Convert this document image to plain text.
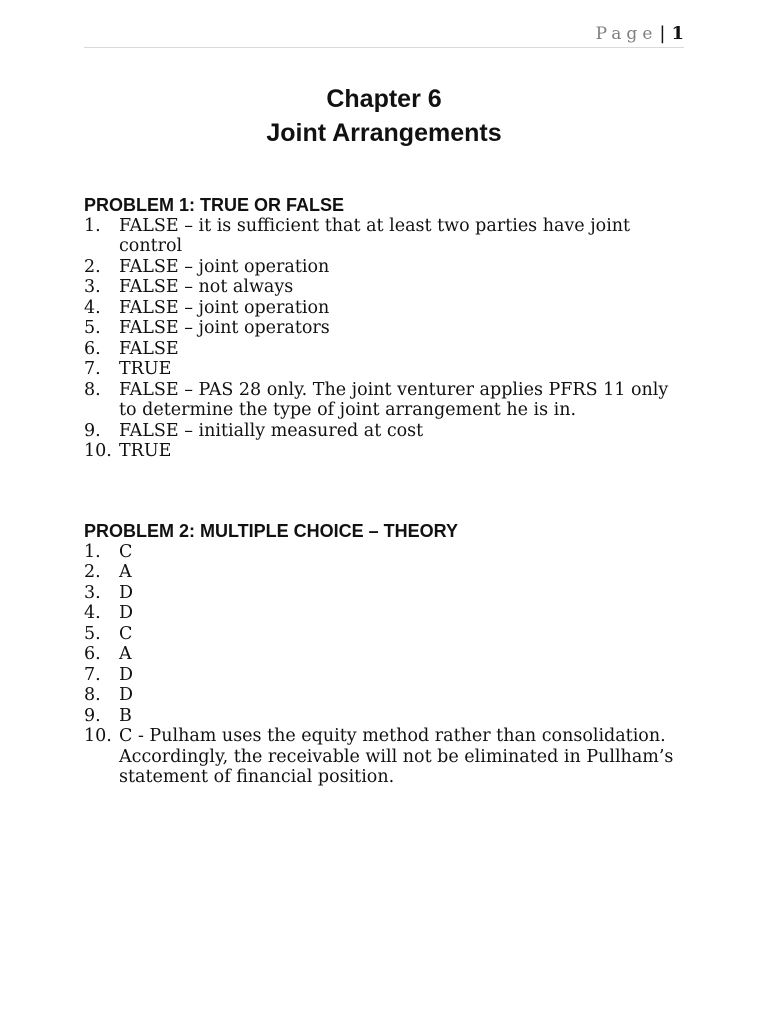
Page | 1
Chapter 6
Joint Arrangements
PROBLEM 1: TRUE OR FALSE
1.	FALSE – it is sufficient that at least two parties have joint control
2.	FALSE – joint operation
3.	FALSE – not always
4.	FALSE – joint operation
5.	FALSE – joint operators
6.	FALSE
7.	TRUE
8.	FALSE – PAS 28 only. The joint venturer applies PFRS 11 only to determine the type of joint arrangement he is in.
9.	FALSE – initially measured at cost
10. TRUE
PROBLEM 2: MULTIPLE CHOICE – THEORY
1.	C
2.	A
3.	D
4.	D
5.	C
6.	A
7.	D
8.	D
9.	B
10. C - Pulham uses the equity method rather than consolidation. Accordingly, the receivable will not be eliminated in Pullham’s statement of financial position.
